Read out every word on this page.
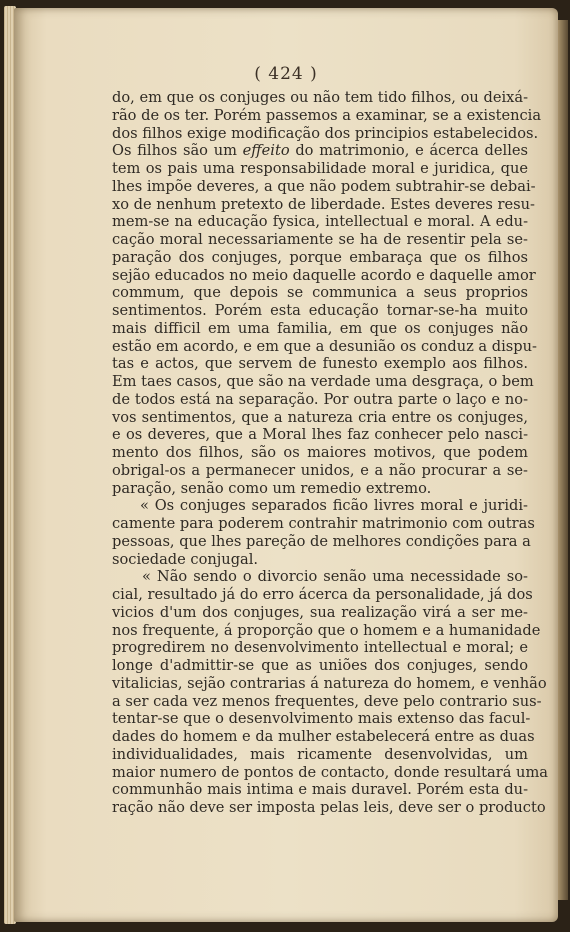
( 424 )
do, em que os conjuges ou não tem tido filhos, ou deixá-
rão de os ter. Porém passemos a examinar, se a existencia
dos filhos exige modificação dos principios estabelecidos.
Os filhos são um effeito do matrimonio, e ácerca delles
tem os pais uma responsabilidade moral e juridica, que
lhes impõe deveres, a que não podem subtrahir-se debai-
xo de nenhum pretexto de liberdade. Estes deveres resu-
mem-se na educação fysica, intellectual e moral. A edu-
cação moral necessariamente se ha de resentir pela se-
paração dos conjuges, porque embaraça que os filhos
sejão educados no meio daquelle acordo e daquelle amor
commum, que depois se communica a seus proprios
sentimentos. Porém esta educação tornar-se-ha muito
mais difficil em uma familia, em que os conjuges não
estão em acordo, e em que a desunião os conduz a dispu-
tas e actos, que servem de funesto exemplo aos filhos.
Em taes casos, que são na verdade uma desgraça, o bem
de todos está na separação. Por outra parte o laço e no-
vos sentimentos, que a natureza cria entre os conjuges,
e os deveres, que a Moral lhes faz conhecer pelo nasci-
mento dos filhos, são os maiores motivos, que podem
obrigal-os a permanecer unidos, e a não procurar a se-
paração, senão como um remedio extremo.
« Os conjuges separados ficão livres moral e juridi-
camente para poderem contrahir matrimonio com outras
pessoas, que lhes pareção de melhores condições para a
sociedade conjugal.
« Não sendo o divorcio senão uma necessidade so-
cial, resultado já do erro ácerca da personalidade, já dos
vicios d'um dos conjuges, sua realização virá a ser me-
nos frequente, á proporção que o homem e a humanidade
progredirem no desenvolvimento intellectual e moral; e
longe d'admittir-se que as uniões dos conjuges, sendo
vitalicias, sejão contrarias á natureza do homem, e venhão
a ser cada vez menos frequentes, deve pelo contrario sus-
tentar-se que o desenvolvimento mais extenso das facul-
dades do homem e da mulher estabelecerá entre as duas
individualidades, mais ricamente desenvolvidas, um
maior numero de pontos de contacto, donde resultará uma
communhão mais intima e mais duravel. Porém esta du-
ração não deve ser imposta pelas leis, deve ser o producto
